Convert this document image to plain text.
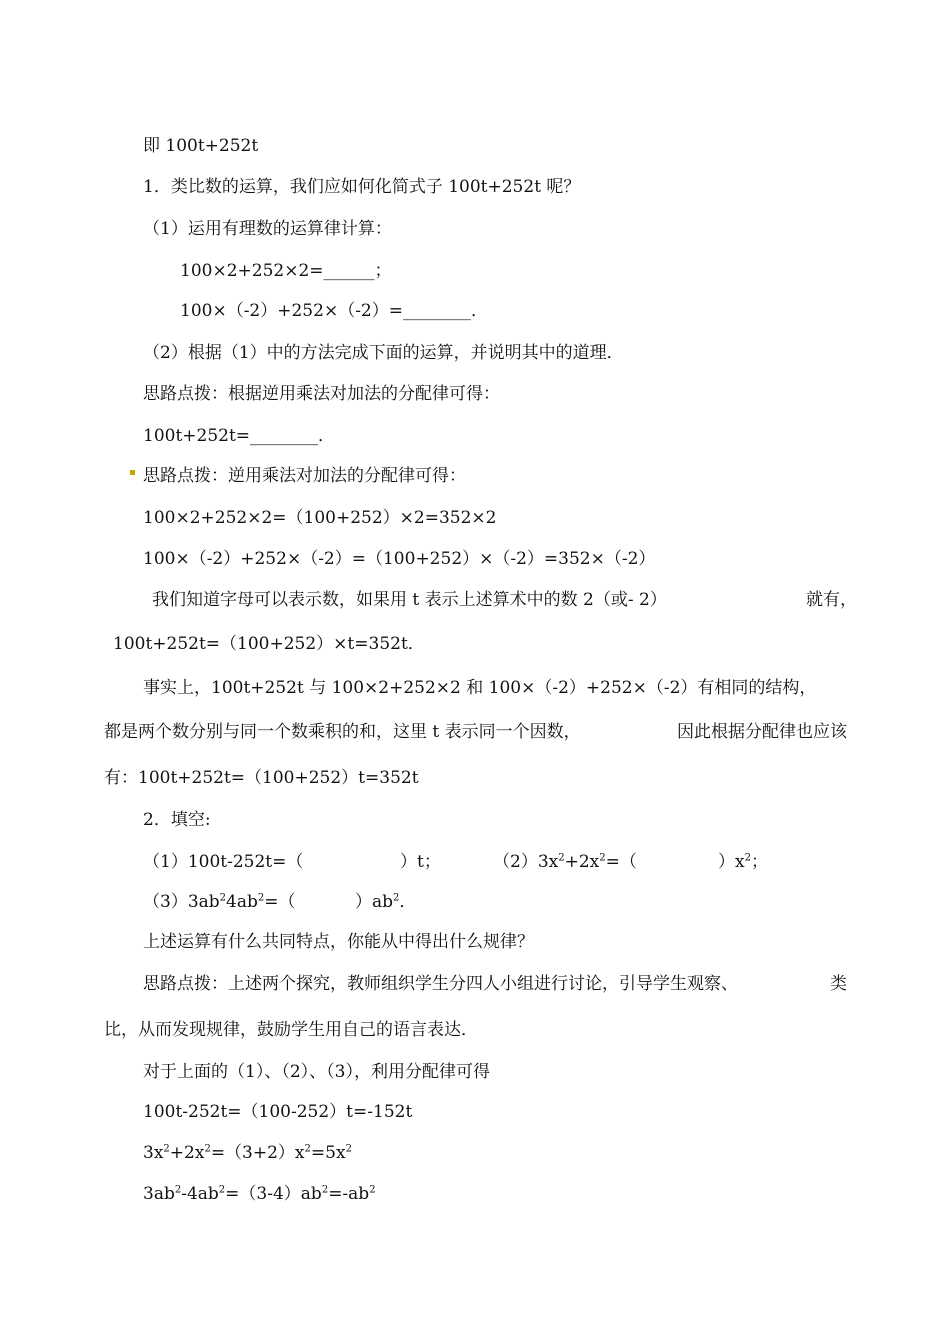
即 100t+252t
1．类比数的运算，我们应如何化简式子 100t+252t 呢？
（1）运用有理数的运算律计算：
100×2+252×2=______；
100×（-2）+252×（-2）=________．
（2）根据（1）中的方法完成下面的运算，并说明其中的道理．
思路点拨：根据逆用乘法对加法的分配律可得：
100t+252t=________．
思路点拨：逆用乘法对加法的分配律可得：
100×2+252×2=（100+252）×2=352×2
100×（-2）+252×（-2）=（100+252）×（-2）=352×（-2）
我们知道字母可以表示数，如果用 t 表示上述算术中的数 2（或- 2）	就有，
100t+252t=（100+252）×t=352t．
事实上，100t+252t 与 100×2+252×2 和 100×（-2）+252×（-2）有相同的结构，
都是两个数分别与同一个数乘积的和，这里 t 表示同一个因数，	因此根据分配律也应该
有：100t+252t=（100+252）t=352t
2．填空:
（1）100t-252t=（	）t；	$(2)3x^2+2x^2=$（	）$x^2$；
$(3)3ab^24ab^2=$（	）$ab^2$．
上述运算有什么共同特点，你能从中得出什么规律？
思路点拨：上述两个探究，教师组织学生分四人小组进行讨论，引导学生观察、	类
比，从而发现规律，鼓励学生用自己的语言表达．
对于上面的（1）、（2）、（3），利用分配律可得
100t-252t=（100-252）t=-152t
$3x^2+2x^2=(3+2)x^2=5x^2$
$3ab^2-4ab^2=(3-4)ab^2=-ab^2$
